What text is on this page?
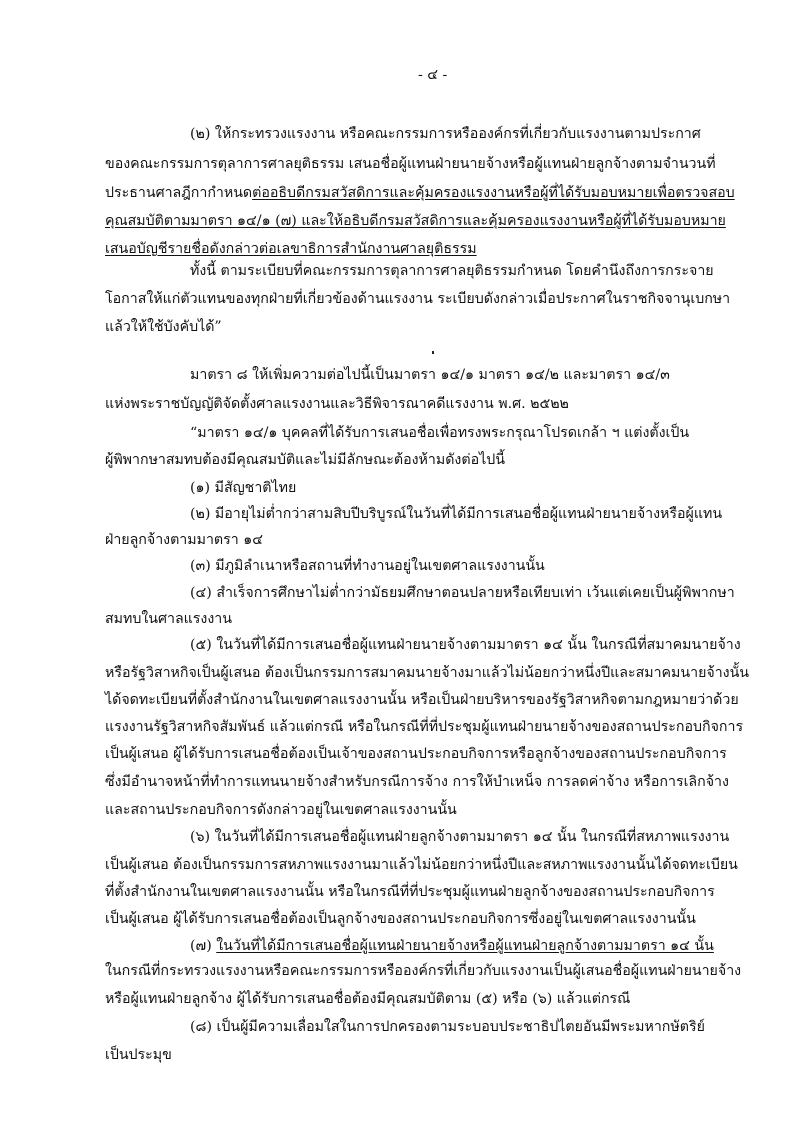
- ๔ -
(๒) ให้กระทรวงแรงงาน หรือคณะกรรมการหรือองค์กรที่เกี่ยวกับแรงงานตามประกาศ
ของคณะกรรมการตุลาการศาลยุติธรรม เสนอชื่อผู้แทนฝ่ายนายจ้างหรือผู้แทนฝ่ายลูกจ้างตามจำนวนที่
ประธานศาลฎีกากำหนดต่ออธิบดีกรมสวัสดิการและคุ้มครองแรงงานหรือผู้ที่ได้รับมอบหมายเพื่อตรวจสอบ
คุณสมบัติตามมาตรา ๑๔/๑ (๗) และให้อธิบดีกรมสวัสดิการและคุ้มครองแรงงานหรือผู้ที่ได้รับมอบหมาย
เสนอบัญชีรายชื่อดังกล่าวต่อเลขาธิการสำนักงานศาลยุติธรรม
ทั้งนี้ ตามระเบียบที่คณะกรรมการตุลาการศาลยุติธรรมกำหนด โดยคำนึงถึงการกระจาย
โอกาสให้แก่ตัวแทนของทุกฝ่ายที่เกี่ยวข้องด้านแรงงาน ระเบียบดังกล่าวเมื่อประกาศในราชกิจจานุเบกษา
แล้วให้ใช้บังคับได้”
มาตรา ๘ ให้เพิ่มความต่อไปนี้เป็นมาตรา ๑๔/๑ มาตรา ๑๔/๒ และมาตรา ๑๔/๓
แห่งพระราชบัญญัติจัดตั้งศาลแรงงานและวิธีพิจารณาคดีแรงงาน พ.ศ. ๒๕๒๒
“มาตรา ๑๔/๑ บุคคลที่ได้รับการเสนอชื่อเพื่อทรงพระกรุณาโปรดเกล้า ฯ แต่งตั้งเป็น
ผู้พิพากษาสมทบต้องมีคุณสมบัติและไม่มีลักษณะต้องห้ามดังต่อไปนี้
(๑) มีสัญชาติไทย
(๒) มีอายุไม่ต่ำกว่าสามสิบปีบริบูรณ์ในวันที่ได้มีการเสนอชื่อผู้แทนฝ่ายนายจ้างหรือผู้แทน
ฝ่ายลูกจ้างตามมาตรา ๑๔
(๓) มีภูมิลำเนาหรือสถานที่ทำงานอยู่ในเขตศาลแรงงานนั้น
(๔) สำเร็จการศึกษาไม่ต่ำกว่ามัธยมศึกษาตอนปลายหรือเทียบเท่า เว้นแต่เคยเป็นผู้พิพากษา
สมทบในศาลแรงงาน
(๕) ในวันที่ได้มีการเสนอชื่อผู้แทนฝ่ายนายจ้างตามมาตรา ๑๔ นั้น ในกรณีที่สมาคมนายจ้าง
หรือรัฐวิสาหกิจเป็นผู้เสนอ ต้องเป็นกรรมการสมาคมนายจ้างมาแล้วไม่น้อยกว่าหนึ่งปีและสมาคมนายจ้างนั้น
ได้จดทะเบียนที่ตั้งสำนักงานในเขตศาลแรงงานนั้น หรือเป็นฝ่ายบริหารของรัฐวิสาหกิจตามกฎหมายว่าด้วย
แรงงานรัฐวิสาหกิจสัมพันธ์ แล้วแต่กรณี หรือในกรณีที่ที่ประชุมผู้แทนฝ่ายนายจ้างของสถานประกอบกิจการ
เป็นผู้เสนอ ผู้ได้รับการเสนอชื่อต้องเป็นเจ้าของสถานประกอบกิจการหรือลูกจ้างของสถานประกอบกิจการ
ซึ่งมีอำนาจหน้าที่ทำการแทนนายจ้างสำหรับกรณีการจ้าง การให้บำเหน็จ การลดค่าจ้าง หรือการเลิกจ้าง
และสถานประกอบกิจการดังกล่าวอยู่ในเขตศาลแรงงานนั้น
(๖) ในวันที่ได้มีการเสนอชื่อผู้แทนฝ่ายลูกจ้างตามมาตรา ๑๔ นั้น ในกรณีที่สหภาพแรงงาน
เป็นผู้เสนอ ต้องเป็นกรรมการสหภาพแรงงานมาแล้วไม่น้อยกว่าหนึ่งปีและสหภาพแรงงานนั้นได้จดทะเบียน
ที่ตั้งสำนักงานในเขตศาลแรงงานนั้น หรือในกรณีที่ที่ประชุมผู้แทนฝ่ายลูกจ้างของสถานประกอบกิจการ
เป็นผู้เสนอ ผู้ได้รับการเสนอชื่อต้องเป็นลูกจ้างของสถานประกอบกิจการซึ่งอยู่ในเขตศาลแรงงานนั้น
(๗) ในวันที่ได้มีการเสนอชื่อผู้แทนฝ่ายนายจ้างหรือผู้แทนฝ่ายลูกจ้างตามมาตรา ๑๔ นั้น
ในกรณีที่กระทรวงแรงงานหรือคณะกรรมการหรือองค์กรที่เกี่ยวกับแรงงานเป็นผู้เสนอชื่อผู้แทนฝ่ายนายจ้าง
หรือผู้แทนฝ่ายลูกจ้าง ผู้ได้รับการเสนอชื่อต้องมีคุณสมบัติตาม (๕) หรือ (๖) แล้วแต่กรณี
(๘) เป็นผู้มีความเลื่อมใสในการปกครองตามระบอบประชาธิปไตยอันมีพระมหากษัตริย์
เป็นประมุข
